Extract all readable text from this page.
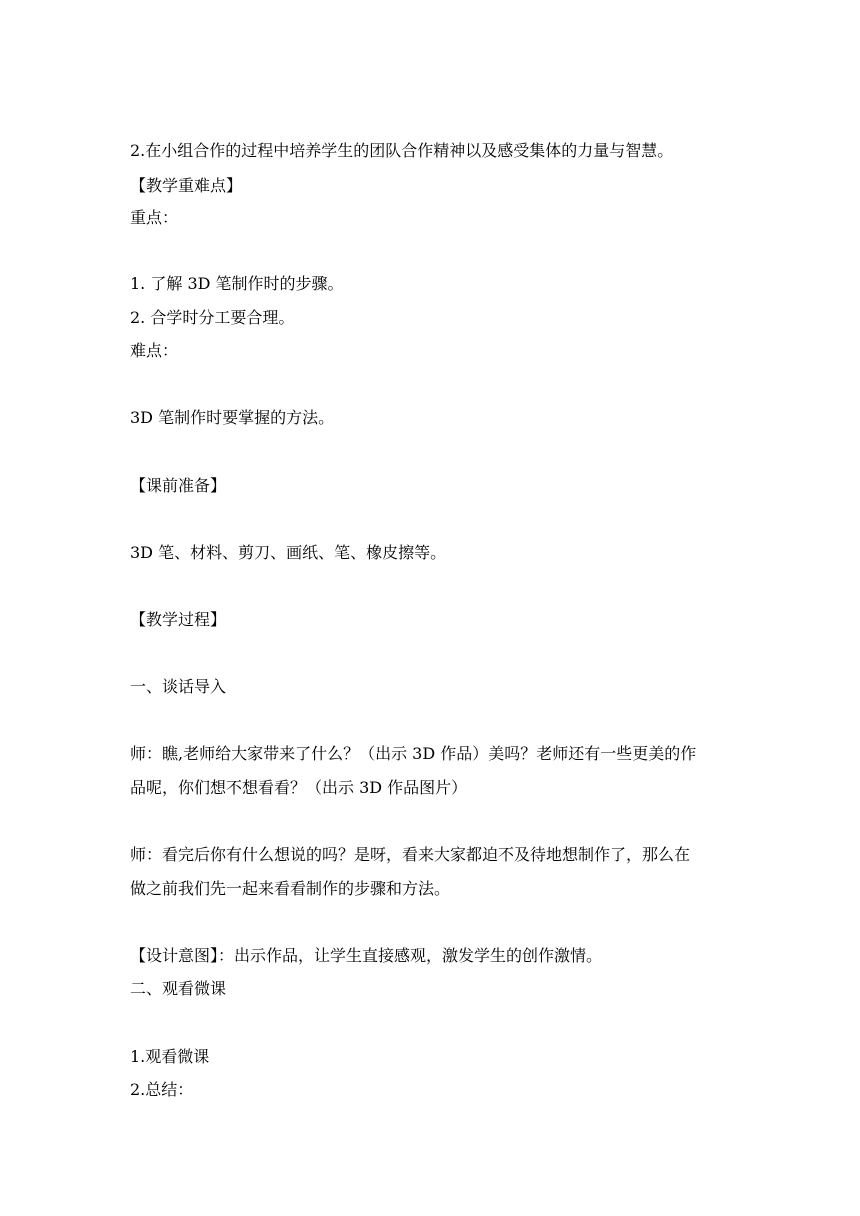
2.在小组合作的过程中培养学生的团队合作精神以及感受集体的力量与智慧。
【教学重难点】
重点：
1. 了解 3D 笔制作时的步骤。
2. 合学时分工要合理。
难点：
3D 笔制作时要掌握的方法。
【课前准备】
3D 笔、材料、剪刀、画纸、笔、橡皮擦等。
【教学过程】
一、谈话导入
师：瞧,老师给大家带来了什么？（出示 3D 作品）美吗？老师还有一些更美的作
品呢，你们想不想看看？（出示 3D 作品图片）
师：看完后你有什么想说的吗？是呀，看来大家都迫不及待地想制作了，那么在
做之前我们先一起来看看制作的步骤和方法。
【设计意图】：出示作品，让学生直接感观，激发学生的创作激情。
二、观看微课
1.观看微课
2.总结：
